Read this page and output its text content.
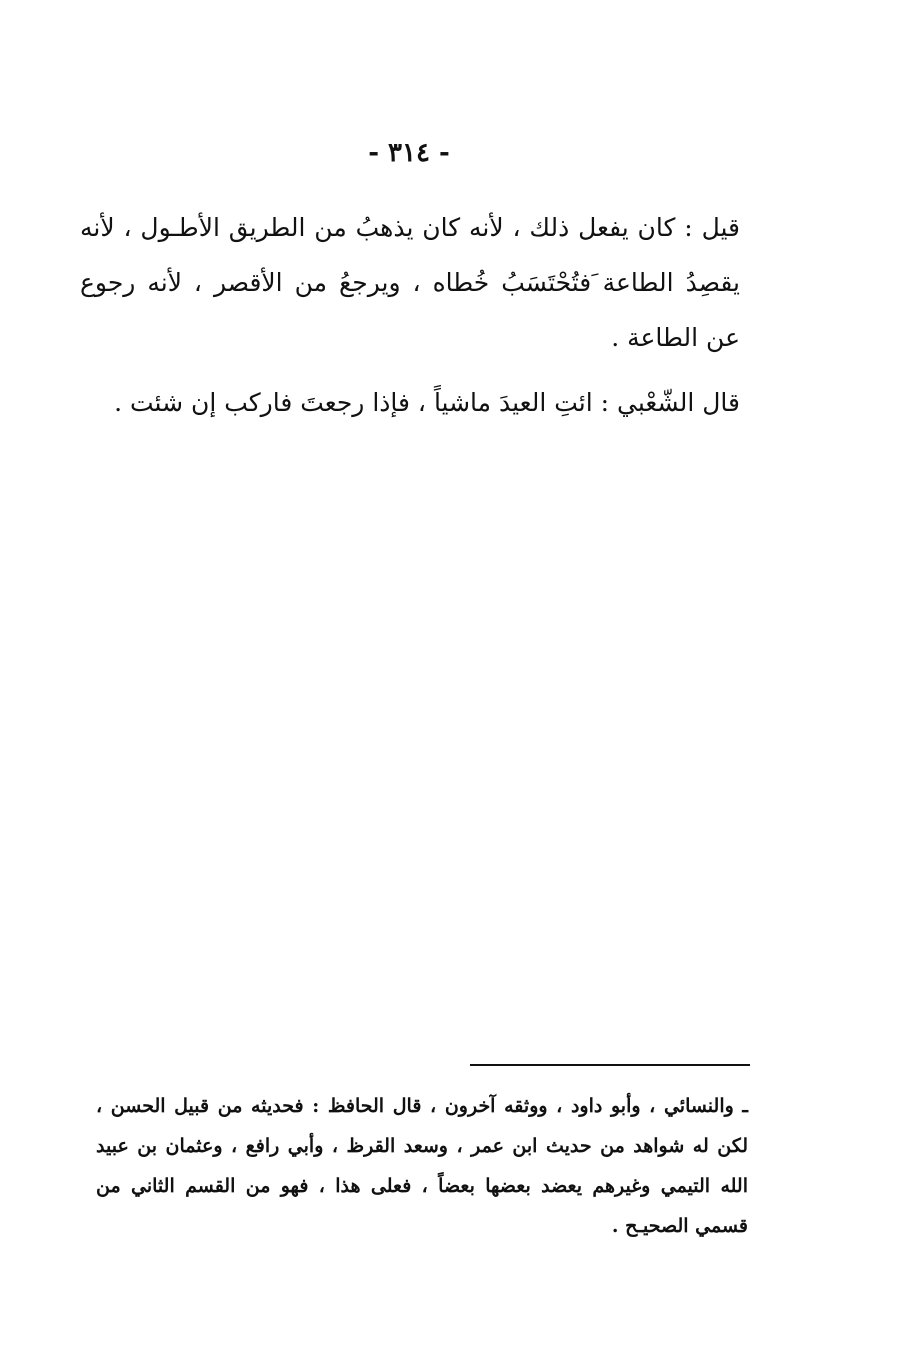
- ٣١٤ -

قيل : كان يفعل ذلك ، لأنه كان يذهبُ من الطريق الأطـول ، لأنه يقصِدُ الطاعة َفتُحْتَسَبُ خُطاه ، ويرجعُ من الأقصر ، لأنه رجوع عن الطاعة .

قال الشّعْبي : ائتِ العيدَ ماشياً ، فإذا رجعتَ فاركب إن شئت .

ـ والنسائي ، وأبو داود ، ووثقه آخرون ، قال الحافظ : فحديثه من قبيل الحسن ، لكن له شواهد من حديث ابن عمر ، وسعد القرظ ، وأبي رافع ، وعثمان بن عبيد الله التيمي وغيرهم يعضد بعضها بعضاً ، فعلى هذا ، فهو من القسم الثاني من قسمي الصحيـح .
